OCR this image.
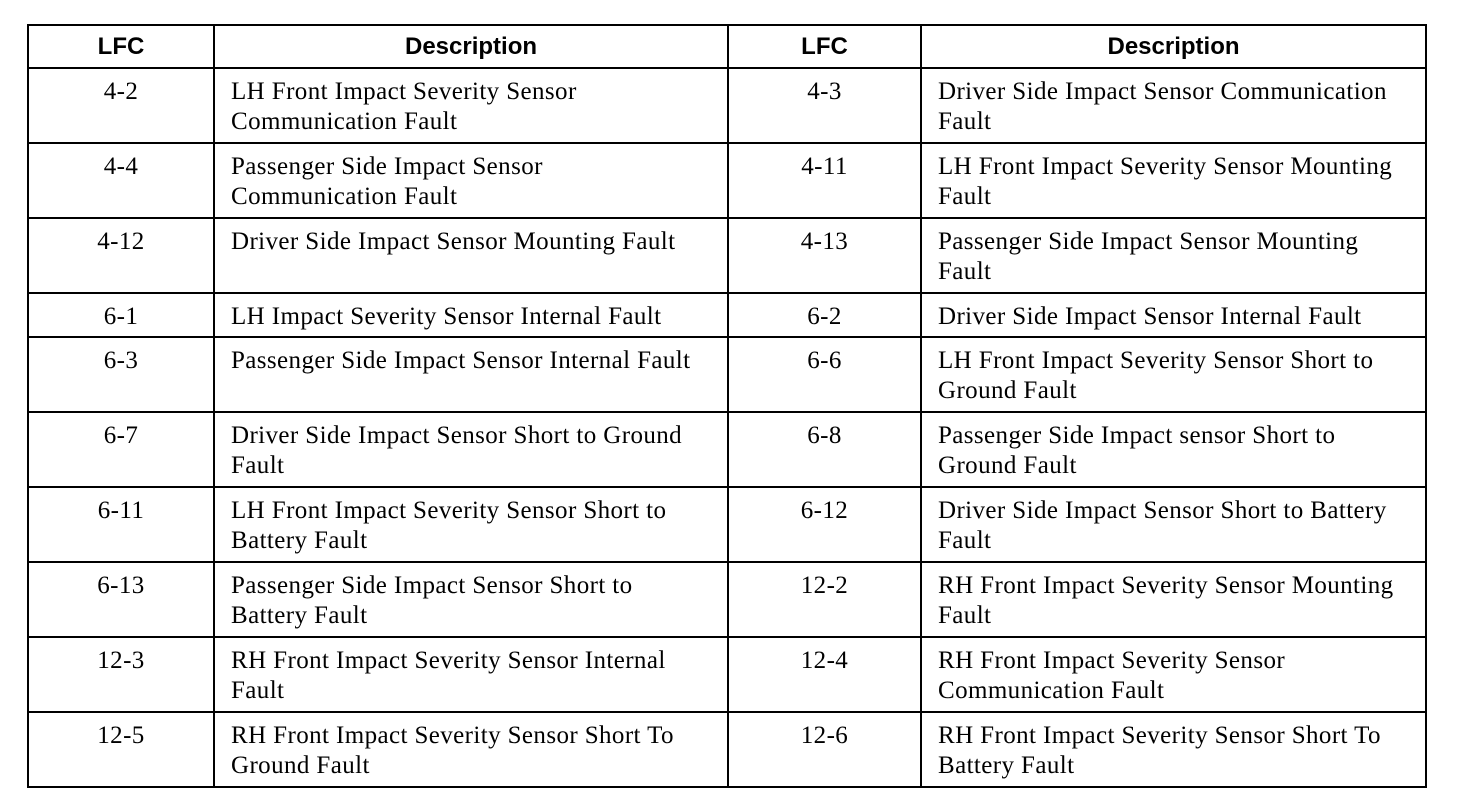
LFC	Description	LFC	Description
4-2	LH Front Impact Severity Sensor Communication Fault	4-3	Driver Side Impact Sensor Communication Fault
4-4	Passenger Side Impact Sensor Communication Fault	4-11	LH Front Impact Severity Sensor Mounting Fault
4-12	Driver Side Impact Sensor Mounting Fault	4-13	Passenger Side Impact Sensor Mounting Fault
6-1	LH Impact Severity Sensor Internal Fault	6-2	Driver Side Impact Sensor Internal Fault
6-3	Passenger Side Impact Sensor Internal Fault	6-6	LH Front Impact Severity Sensor Short to Ground Fault
6-7	Driver Side Impact Sensor Short to Ground Fault	6-8	Passenger Side Impact sensor Short to Ground Fault
6-11	LH Front Impact Severity Sensor Short to Battery Fault	6-12	Driver Side Impact Sensor Short to Battery Fault
6-13	Passenger Side Impact Sensor Short to Battery Fault	12-2	RH Front Impact Severity Sensor Mounting Fault
12-3	RH Front Impact Severity Sensor Internal Fault	12-4	RH Front Impact Severity Sensor Communication Fault
12-5	RH Front Impact Severity Sensor Short To Ground Fault	12-6	RH Front Impact Severity Sensor Short To Battery Fault
